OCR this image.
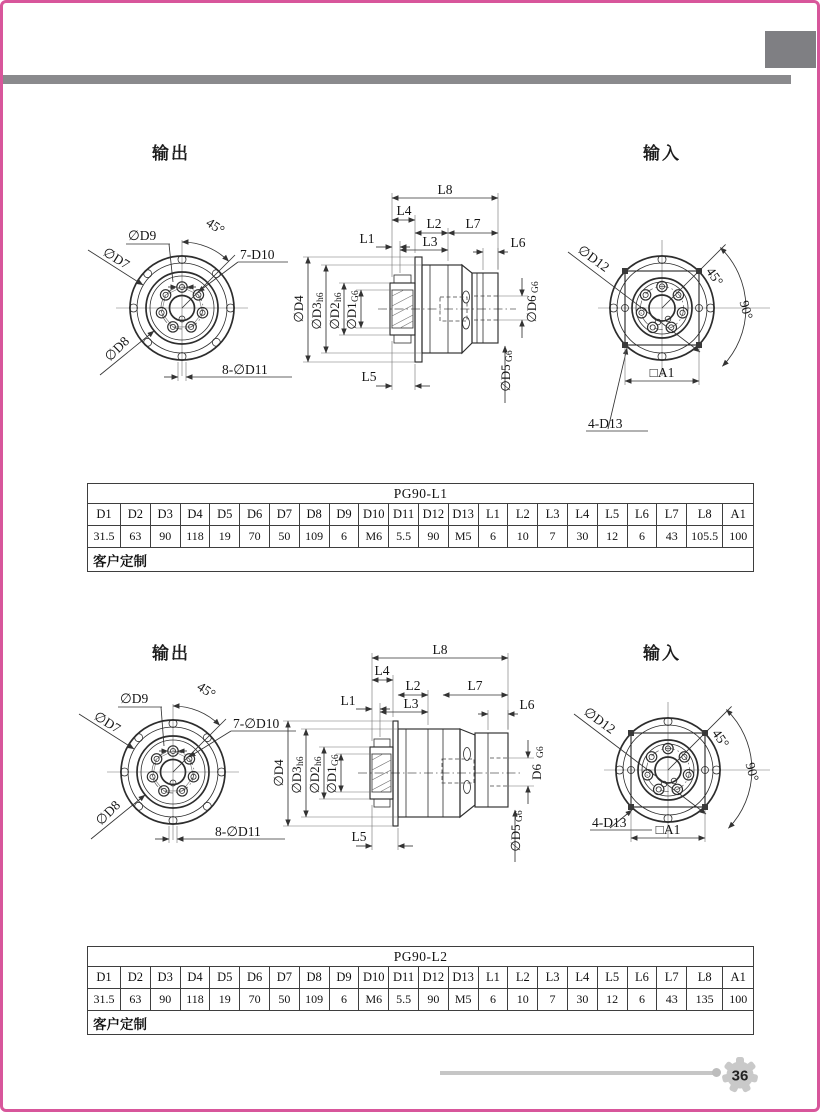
输出	输入
45°
∅D9
∅D7	7-D10
∅D8
8-∅D11
L8
L4
L2 L7
L1	L3	L6
L5
∅D4 ∅D3
h6
∅D2
h6
∅D1
G6	∅D6
G6
∅D5
G6
45°
90°
∅D12
4-D13
□A1
PG90-L1																					
D1	D2	D3	D4	D5	D6	D7	D8	D9	D10	D11	D12	D13	L1	L2	L3	L4	L5	L6	L7	L8	A1
31.5	63	90	118	19	70	50	109	6	M6	5.5	90	M5	6	10	7	30	12	6	43	105.5	100
客户定制																					
输出	输入
45°
∅D9
∅D7	7-∅D10
∅D8
8-∅D11
L8
L4
L2	L7
L1	L3	L6
L5
∅D4 ∅D3
h6
∅D2
h6
∅D1
G6
D6
G6
∅D5
G6
45°
90°
∅D12
4-D13 □A1
PG90-L2																					
D1	D2	D3	D4	D5	D6	D7	D8	D9	D10	D11	D12	D13	L1	L2	L3	L4	L5	L6	L7	L8	A1
31.5	63	90	118	19	70	50	109	6	M6	5.5	90	M5	6	10	7	30	12	6	43	135	100
客户定制																					
36
